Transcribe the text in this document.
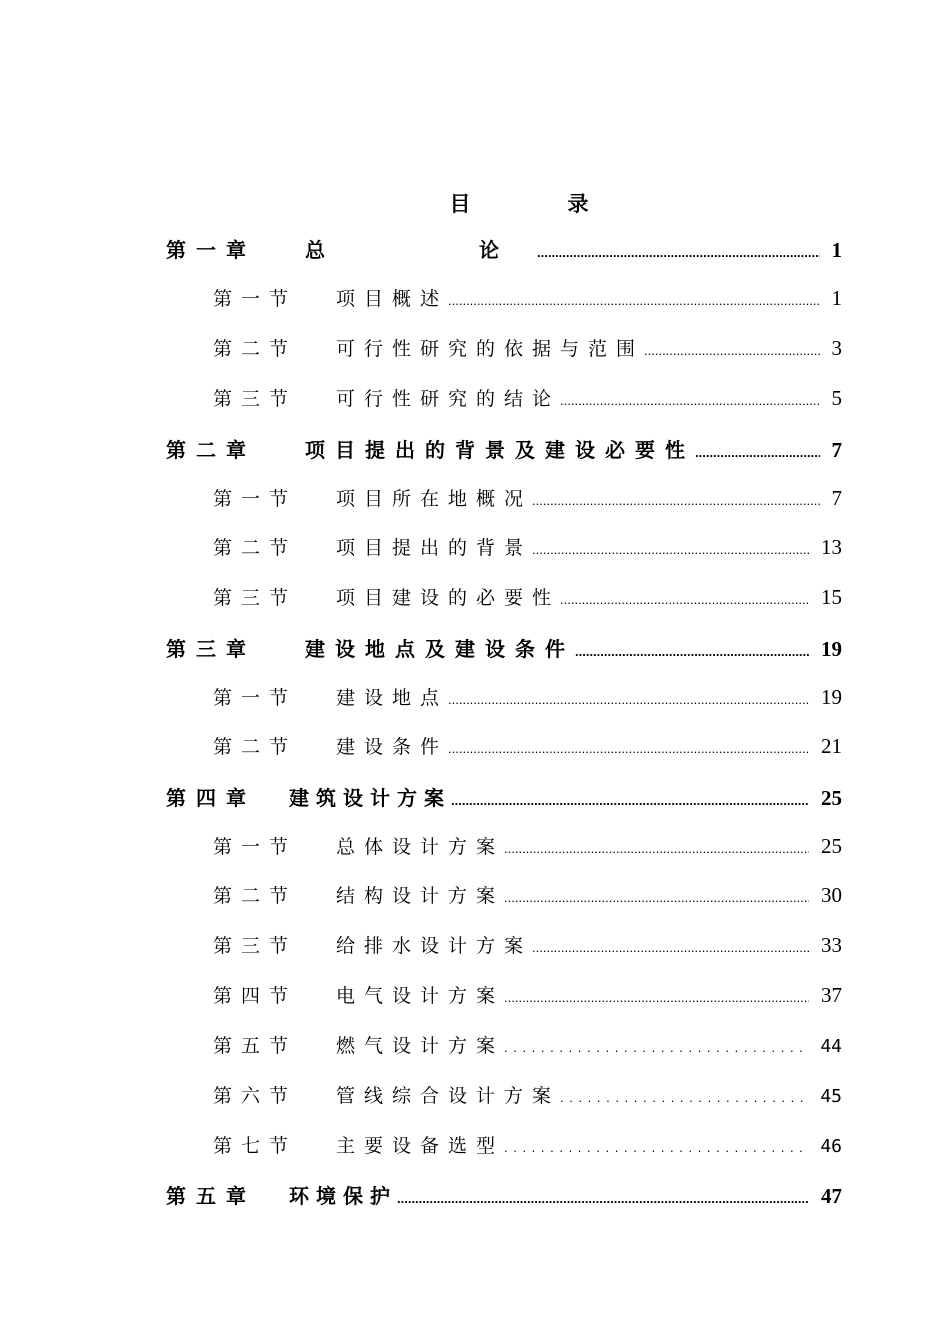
目　录
第一章	总　　论 .....	1
第一节	项目概述 .....	1
第二节	可行性研究的依据与范围 .....	3
第三节	可行性研究的结论 .....	5
第二章	项目提出的背景及建设必要性 .....	7
第一节	项目所在地概况 .....	7
第二节	项目提出的背景 .....	13
第三节	项目建设的必要性 .....	15
第三章	建设地点及建设条件 .....	19
第一节	建设地点 .....	19
第二节	建设条件 .....	21
第四章	建筑设计方案 .....	25
第一节	总体设计方案 .....	25
第二节	结构设计方案 .....	30
第三节	给排水设计方案 .....	33
第四节	电气设计方案 .....	37
第五节	燃气设计方案 . . .	44
第六节	管线综合设计方案 . . .	45
第七节	主要设备选型 . . .	46
第五章	环境保护 .....	47
